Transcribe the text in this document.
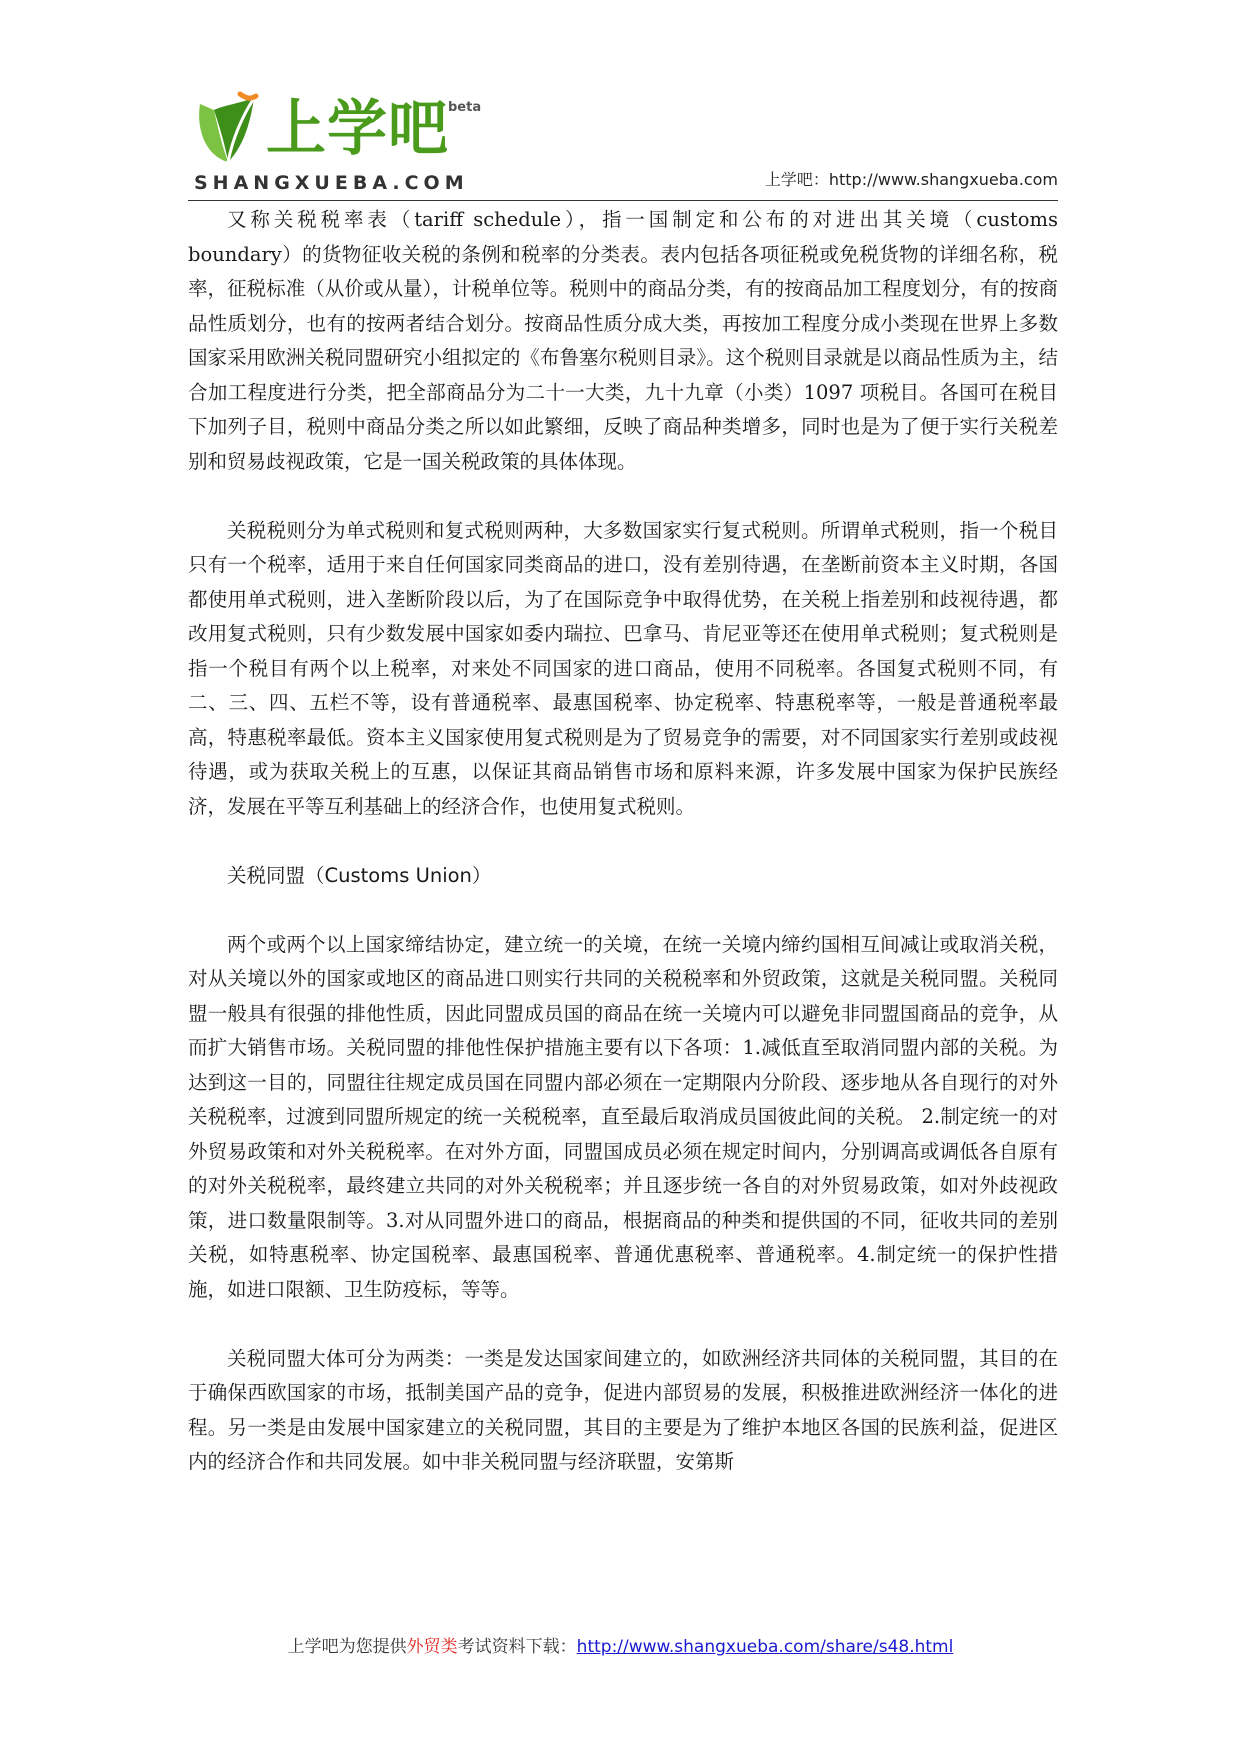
上学吧 beta
SHANGXUEBA.COM	上学吧：http://www.shangxueba.com

又称关税税率表（tariff schedule），指一国制定和公布的对进出其关境（customs boundary）的货物征收关税的条例和税率的分类表。表内包括各项征税或免税货物的详细名称，税率，征税标准（从价或从量），计税单位等。税则中的商品分类，有的按商品加工程度划分，有的按商品性质划分，也有的按两者结合划分。按商品性质分成大类，再按加工程度分成小类现在世界上多数国家采用欧洲关税同盟研究小组拟定的《布鲁塞尔税则目录》。这个税则目录就是以商品性质为主，结合加工程度进行分类，把全部商品分为二十一大类，九十九章（小类）1097 项税目。各国可在税目下加列子目，税则中商品分类之所以如此繁细，反映了商品种类增多，同时也是为了便于实行关税差别和贸易歧视政策，它是一国关税政策的具体体现。

关税税则分为单式税则和复式税则两种，大多数国家实行复式税则。所谓单式税则，指一个税目只有一个税率，适用于来自任何国家同类商品的进口，没有差别待遇，在垄断前资本主义时期，各国都使用单式税则，进入垄断阶段以后，为了在国际竞争中取得优势，在关税上指差别和歧视待遇，都改用复式税则，只有少数发展中国家如委内瑞拉、巴拿马、肯尼亚等还在使用单式税则；复式税则是指一个税目有两个以上税率，对来处不同国家的进口商品，使用不同税率。各国复式税则不同，有二、三、四、五栏不等，设有普通税率、最惠国税率、协定税率、特惠税率等，一般是普通税率最高，特惠税率最低。资本主义国家使用复式税则是为了贸易竞争的需要，对不同国家实行差别或歧视待遇，或为获取关税上的互惠，以保证其商品销售市场和原料来源，许多发展中国家为保护民族经济，发展在平等互利基础上的经济合作，也使用复式税则。

关税同盟（Customs Union）

两个或两个以上国家缔结协定，建立统一的关境，在统一关境内缔约国相互间减让或取消关税，对从关境以外的国家或地区的商品进口则实行共同的关税税率和外贸政策，这就是关税同盟。关税同盟一般具有很强的排他性质，因此同盟成员国的商品在统一关境内可以避免非同盟国商品的竞争，从而扩大销售市场。关税同盟的排他性保护措施主要有以下各项：1.减低直至取消同盟内部的关税。为达到这一目的，同盟往往规定成员国在同盟内部必须在一定期限内分阶段、逐步地从各自现行的对外关税税率，过渡到同盟所规定的统一关税税率，直至最后取消成员国彼此间的关税。 2.制定统一的对外贸易政策和对外关税税率。在对外方面，同盟国成员必须在规定时间内，分别调高或调低各自原有的对外关税税率，最终建立共同的对外关税税率；并且逐步统一各自的对外贸易政策，如对外歧视政策，进口数量限制等。3.对从同盟外进口的商品，根据商品的种类和提供国的不同，征收共同的差别关税，如特惠税率、协定国税率、最惠国税率、普通优惠税率、普通税率。4.制定统一的保护性措施，如进口限额、卫生防疫标，等等。

关税同盟大体可分为两类：一类是发达国家间建立的，如欧洲经济共同体的关税同盟，其目的在于确保西欧国家的市场，抵制美国产品的竞争，促进内部贸易的发展，积极推进欧洲经济一体化的进程。另一类是由发展中国家建立的关税同盟，其目的主要是为了维护本地区各国的民族利益，促进区内的经济合作和共同发展。如中非关税同盟与经济联盟，安第斯

上学吧为您提供外贸类考试资料下载：http://www.shangxueba.com/share/s48.html
